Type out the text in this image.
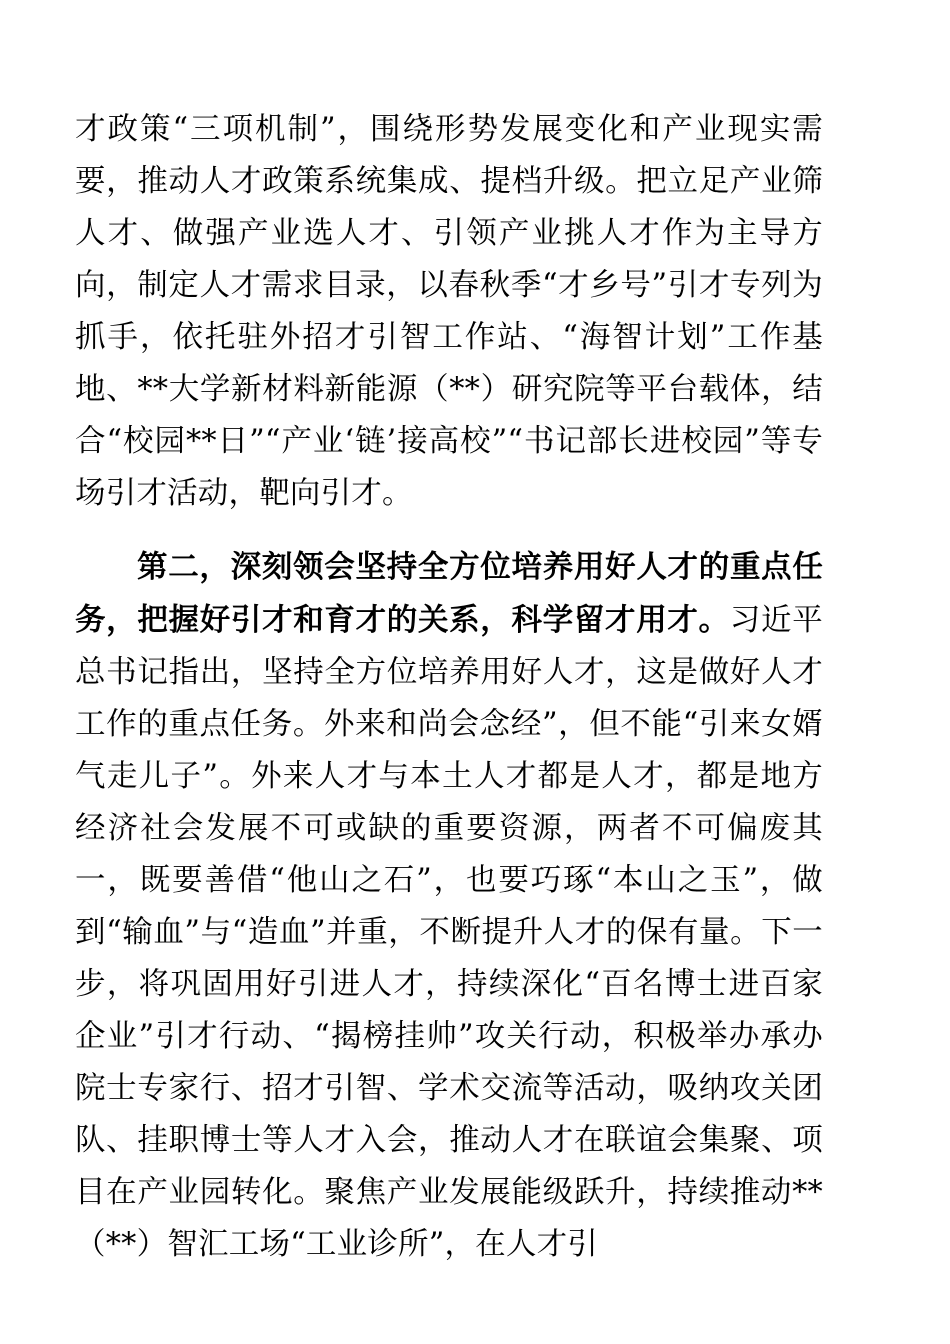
才政策“三项机制”，围绕形势发展变化和产业现实需要，推动人才政策系统集成、提档升级。把立足产业筛人才、做强产业选人才、引领产业挑人才作为主导方向，制定人才需求目录，以春秋季“才乡号”引才专列为抓手，依托驻外招才引智工作站、“海智计划”工作基地、**大学新材料新能源（**）研究院等平台载体，结合“校园**日”“产业‘链’接高校”“书记部长进校园”等专场引才活动，靶向引才。

第二，深刻领会坚持全方位培养用好人才的重点任务，把握好引才和育才的关系，科学留才用才。习近平总书记指出，坚持全方位培养用好人才，这是做好人才工作的重点任务。外来和尚会念经”，但不能“引来女婿气走儿子”。外来人才与本土人才都是人才，都是地方经济社会发展不可或缺的重要资源，两者不可偏废其一，既要善借“他山之石”，也要巧琢“本山之玉”，做到“输血”与“造血”并重，不断提升人才的保有量。下一步，将巩固用好引进人才，持续深化“百名博士进百家企业”引才行动、“揭榜挂帅”攻关行动，积极举办承办院士专家行、招才引智、学术交流等活动，吸纳攻关团队、挂职博士等人才入会，推动人才在联谊会集聚、项目在产业园转化。聚焦产业发展能级跃升，持续推动**（**）智汇工场“工业诊所”，在人才引
